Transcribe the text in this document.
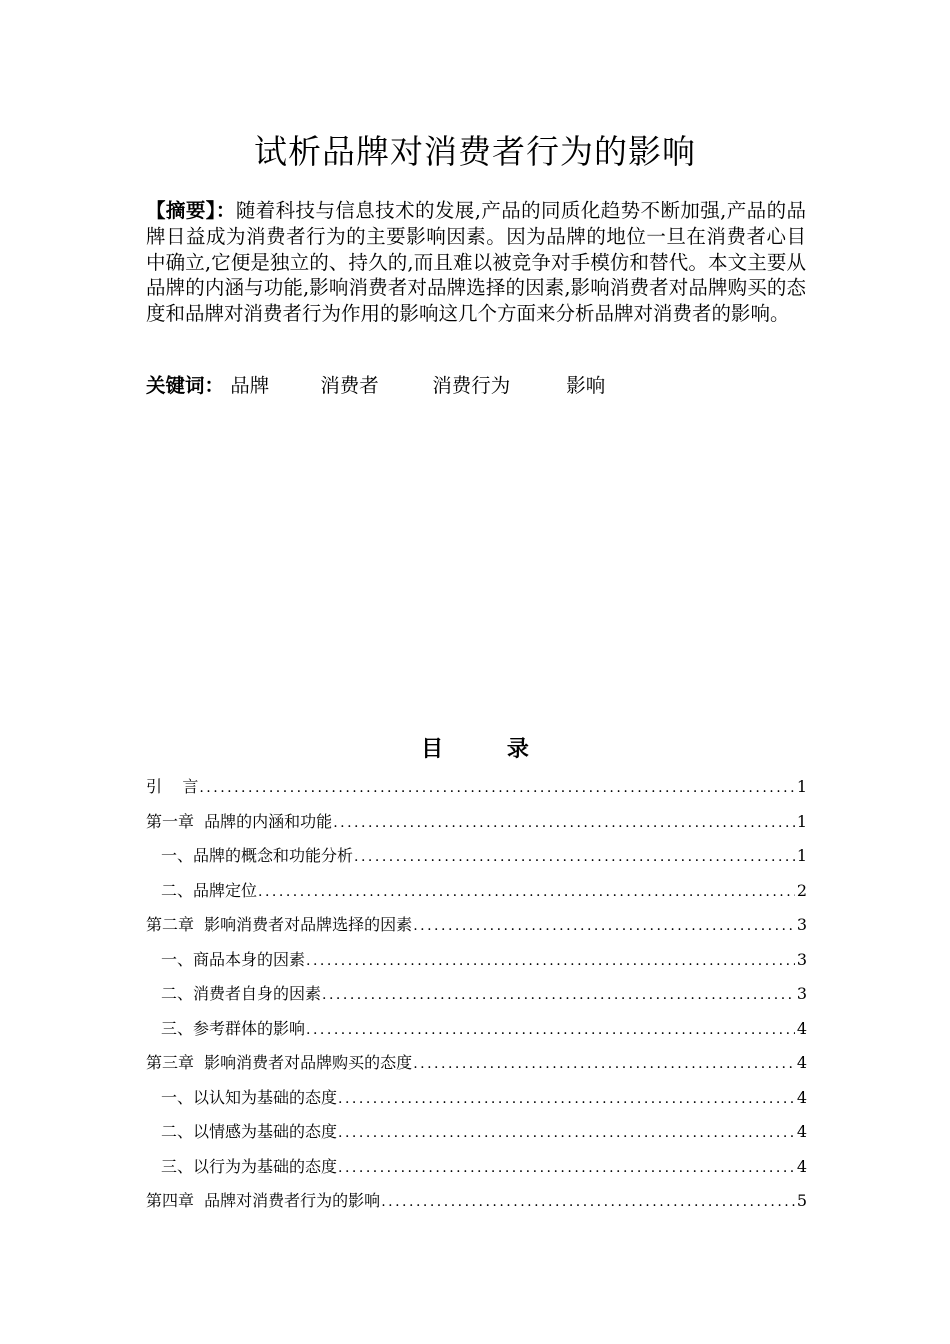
试析品牌对消费者行为的影响
【摘要】：随着科技与信息技术的发展,产品的同质化趋势不断加强,产品的品牌日益成为消费者行为的主要影响因素。因为品牌的地位一旦在消费者心目中确立,它便是独立的、持久的,而且难以被竞争对手模仿和替代。本文主要从品牌的内涵与功能,影响消费者对品牌选择的因素,影响消费者对品牌购买的态度和品牌对消费者行为作用的影响这几个方面来分析品牌对消费者的影响。
关键词： 品牌	消费者	消费行为	影响
目 录
引    言 .....	1
第一章  品牌的内涵和功能 .....	1
一、品牌的概念和功能分析 .....	1
二、品牌定位 .....	2
第二章  影响消费者对品牌选择的因素 .....	3
一、商品本身的因素 .....	3
二、消费者自身的因素 .....	3
三、参考群体的影响 .....	4
第三章  影响消费者对品牌购买的态度 .....	4
一、以认知为基础的态度 .....	4
二、以情感为基础的态度 .....	4
三、以行为为基础的态度 .....	4
第四章  品牌对消费者行为的影响 .....	5
